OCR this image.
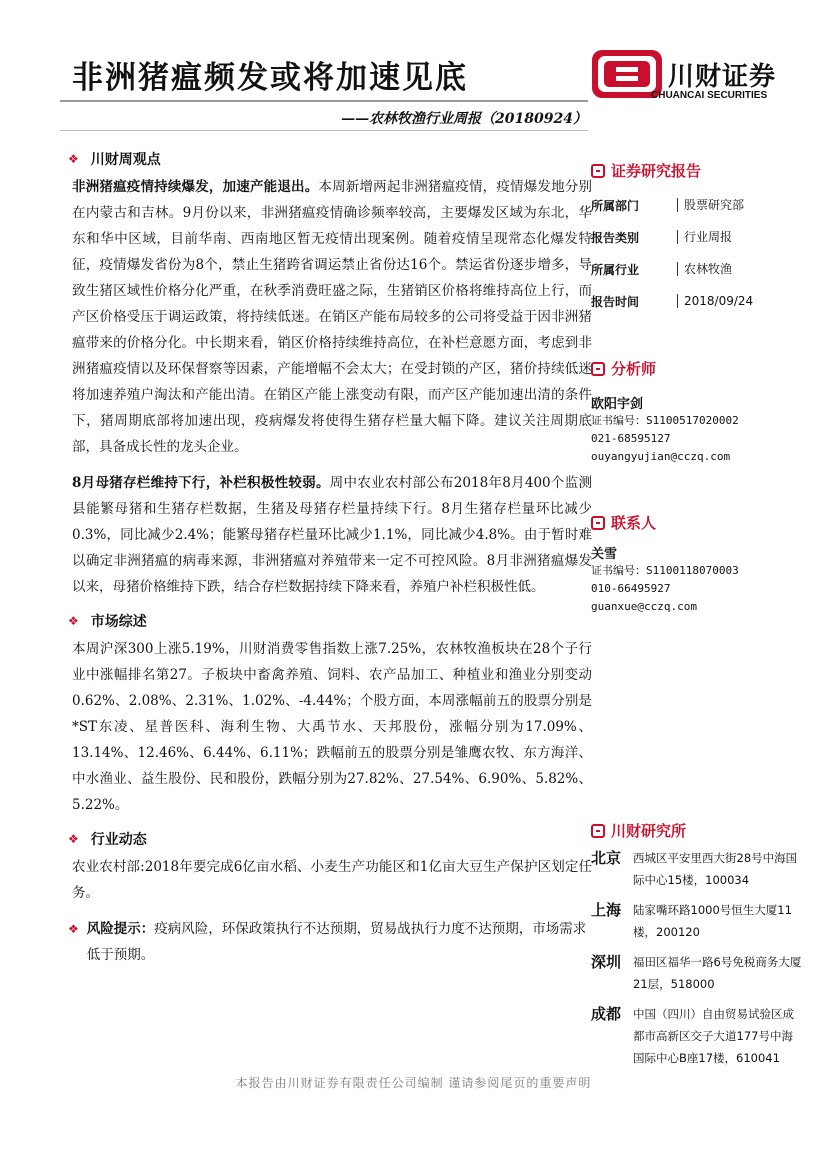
非洲猪瘟频发或将加速见底
——农林牧渔行业周报（20180924）
川财证券
CHUANCAI SECURITIES
❖ 川财周观点

非洲猪瘟疫情持续爆发，加速产能退出。本周新增两起非洲猪瘟疫情，疫情爆发地分别在内蒙古和吉林。9月份以来，非洲猪瘟疫情确诊频率较高，主要爆发区域为东北，华东和华中区域，目前华南、西南地区暂无疫情出现案例。随着疫情呈现常态化爆发特征，疫情爆发省份为8个，禁止生猪跨省调运禁止省份达16个。禁运省份逐步增多，导致生猪区域性价格分化严重，在秋季消费旺盛之际，生猪销区价格将维持高位上行，而产区价格受压于调运政策，将持续低迷。在销区产能布局较多的公司将受益于因非洲猪瘟带来的价格分化。中长期来看，销区价格持续维持高位，在补栏意愿方面，考虑到非洲猪瘟疫情以及环保督察等因素，产能增幅不会太大；在受封锁的产区，猪价持续低迷将加速养殖户淘汰和产能出清。在销区产能上涨变动有限，而产区产能加速出清的条件下，猪周期底部将加速出现，疫病爆发将使得生猪存栏量大幅下降。建议关注周期底部，具备成长性的龙头企业。

8月母猪存栏维持下行，补栏积极性较弱。周中农业农村部公布2018年8月400个监测县能繁母猪和生猪存栏数据，生猪及母猪存栏量持续下行。8月生猪存栏量环比减少0.3%，同比减少2.4%；能繁母猪存栏量环比减少1.1%，同比减少4.8%。由于暂时难以确定非洲猪瘟的病毒来源，非洲猪瘟对养殖带来一定不可控风险。8月非洲猪瘟爆发以来，母猪价格维持下跌，结合存栏数据持续下降来看，养殖户补栏积极性低。

❖ 市场综述

本周沪深300上涨5.19%，川财消费零售指数上涨7.25%，农林牧渔板块在28个子行业中涨幅排名第27。子板块中畜禽养殖、饲料、农产品加工、种植业和渔业分别变动0.62%、2.08%、2.31%、1.02%、-4.44%；个股方面，本周涨幅前五的股票分别是*ST东凌、星普医科、海利生物、大禹节水、天邦股份，涨幅分别为17.09%、13.14%、12.46%、6.44%、6.11%；跌幅前五的股票分别是雏鹰农牧、东方海洋、中水渔业、益生股份、民和股份，跌幅分别为27.82%、27.54%、6.90%、5.82%、5.22%。

❖ 行业动态

农业农村部:2018年要完成6亿亩水稻、小麦生产功能区和1亿亩大豆生产保护区划定任务。

❖ 风险提示：疫病风险，环保政策执行不达预期，贸易战执行力度不达预期，市场需求低于预期。

证券研究报告
所属部门	股票研究部
报告类别	行业周报
所属行业	农林牧渔
报告时间	2018/09/24
分析师
欧阳宇剑
证书编号：S1100517020002
021-68595127
ouyangyujian@cczq.com
联系人
关雪
证书编号：S1100118070003
010-66495927
guanxue@cczq.com
川财研究所
北京	西城区平安里西大街28号中海国际中心15楼，100034
上海	陆家嘴环路1000号恒生大厦11楼，200120
深圳	福田区福华一路6号免税商务大厦21层，518000
成都	中国（四川）自由贸易试验区成都市高新区交子大道177号中海国际中心B座17楼，610041
本报告由川财证券有限责任公司编制 谨请参阅尾页的重要声明
